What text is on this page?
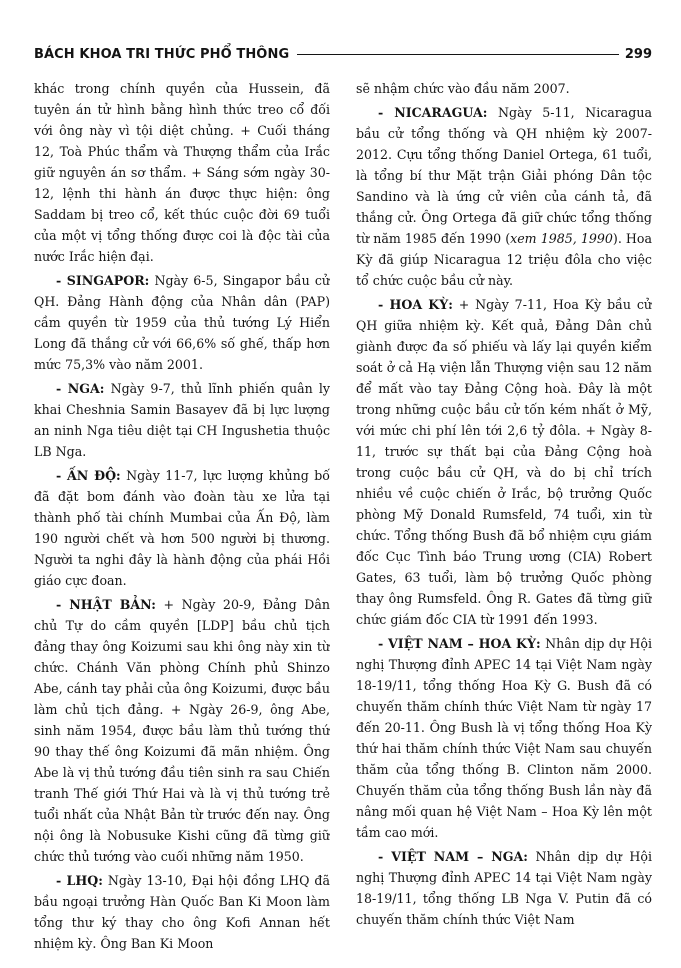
BÁCH KHOA TRI THỨC PHỔ THÔNG	299

khác trong chính quyền của Hussein, đã tuyên án tử hình bằng hình thức treo cổ đối với ông này vì tội diệt chủng. + Cuối tháng 12, Toà Phúc thẩm và Thượng thẩm của Irắc giữ nguyên án sơ thẩm. + Sáng sớm ngày 30-12, lệnh thi hành án được thực hiện: ông Saddam bị treo cổ, kết thúc cuộc đời 69 tuổi của một vị tổng thống được coi là độc tài của nước Irắc hiện đại.

- SINGAPOR: Ngày 6-5, Singapor bầu cử QH. Đảng Hành động của Nhân dân (PAP) cầm quyền từ 1959 của thủ tướng Lý Hiển Long đã thắng cử với 66,6% số ghế, thấp hơn mức 75,3% vào năm 2001.

- NGA: Ngày 9-7, thủ lĩnh phiến quân ly khai Cheshnia Samin Basayev đã bị lực lượng an ninh Nga tiêu diệt tại CH Ingushetia thuộc LB Nga.

- ẤN ĐỘ: Ngày 11-7, lực lượng khủng bố đã đặt bom đánh vào đoàn tàu xe lửa tại thành phố tài chính Mumbai của Ấn Độ, làm 190 người chết và hơn 500 người bị thương. Người ta nghi đây là hành động của phái Hồi giáo cực đoan.

- NHẬT BẢN: + Ngày 20-9, Đảng Dân chủ Tự do cầm quyền [LDP] bầu chủ tịch đảng thay ông Koizumi sau khi ông này xin từ chức. Chánh Văn phòng Chính phủ Shinzo Abe, cánh tay phải của ông Koizumi, được bầu làm chủ tịch đảng. + Ngày 26-9, ông Abe, sinh năm 1954, được bầu làm thủ tướng thứ 90 thay thế ông Koizumi đã mãn nhiệm. Ông Abe là vị thủ tướng đầu tiên sinh ra sau Chiến tranh Thế giới Thứ Hai và là vị thủ tướng trẻ tuổi nhất của Nhật Bản từ trước đến nay. Ông nội ông là Nobusuke Kishi cũng đã từng giữ chức thủ tướng vào cuối những năm 1950.

- LHQ: Ngày 13-10, Đại hội đồng LHQ đã bầu ngoại trưởng Hàn Quốc Ban Ki Moon làm tổng thư ký thay cho ông Kofi Annan hết nhiệm kỳ. Ông Ban Ki Moon

sẽ nhậm chức vào đầu năm 2007.

- NICARAGUA: Ngày 5-11, Nicaragua bầu cử tổng thống và QH nhiệm kỳ 2007-2012. Cựu tổng thống Daniel Ortega, 61 tuổi, là tổng bí thư Mặt trận Giải phóng Dân tộc Sandino và là ứng cử viên của cánh tả, đã thắng cử. Ông Ortega đã giữ chức tổng thống từ năm 1985 đến 1990 (xem 1985, 1990). Hoa Kỳ đã giúp Nicaragua 12 triệu đôla cho việc tổ chức cuộc bầu cử này.

- HOA KỲ: + Ngày 7-11, Hoa Kỳ bầu cử QH giữa nhiệm kỳ. Kết quả, Đảng Dân chủ giành được đa số phiếu và lấy lại quyền kiểm soát ở cả Hạ viện lẫn Thượng viện sau 12 năm để mất vào tay Đảng Cộng hoà. Đây là một trong những cuộc bầu cử tốn kém nhất ở Mỹ, với mức chi phí lên tới 2,6 tỷ đôla. + Ngày 8-11, trước sự thất bại của Đảng Cộng hoà trong cuộc bầu cử QH, và do bị chỉ trích nhiều về cuộc chiến ở Irắc, bộ trưởng Quốc phòng Mỹ Donald Rumsfeld, 74 tuổi, xin từ chức. Tổng thống Bush đã bổ nhiệm cựu giám đốc Cục Tình báo Trung ương (CIA) Robert Gates, 63 tuổi, làm bộ trưởng Quốc phòng thay ông Rumsfeld. Ông R. Gates đã từng giữ chức giám đốc CIA từ 1991 đến 1993.

- VIỆT NAM – HOA KỲ: Nhân dịp dự Hội nghị Thượng đỉnh APEC 14 tại Việt Nam ngày 18-19/11, tổng thống Hoa Kỳ G. Bush đã có chuyến thăm chính thức Việt Nam từ ngày 17 đến 20-11. Ông Bush là vị tổng thống Hoa Kỳ thứ hai thăm chính thức Việt Nam sau chuyến thăm của tổng thống B. Clinton năm 2000. Chuyến thăm của tổng thống Bush lần này đã nâng mối quan hệ Việt Nam – Hoa Kỳ lên một tầm cao mới.

- VIỆT NAM – NGA: Nhân dịp dự Hội nghị Thượng đỉnh APEC 14 tại Việt Nam ngày 18-19/11, tổng thống LB Nga V. Putin đã có chuyến thăm chính thức Việt Nam
